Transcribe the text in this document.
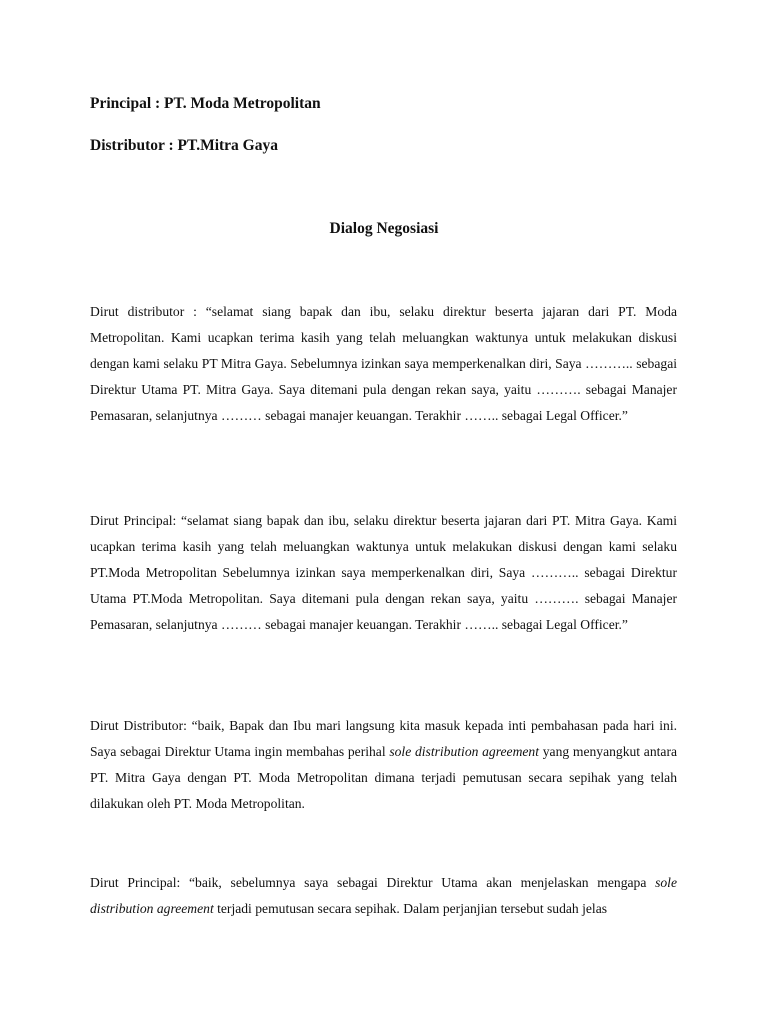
Principal : PT. Moda Metropolitan
Distributor : PT.Mitra Gaya
Dialog Negosiasi

Dirut distributor : “selamat siang bapak dan ibu, selaku direktur beserta jajaran dari PT. Moda Metropolitan. Kami ucapkan terima kasih yang telah meluangkan waktunya untuk melakukan diskusi dengan kami selaku PT Mitra Gaya. Sebelumnya izinkan saya memperkenalkan diri, Saya ……….. sebagai Direktur Utama PT. Mitra Gaya. Saya ditemani pula dengan rekan saya, yaitu ………. sebagai Manajer Pemasaran, selanjutnya ……… sebagai manajer keuangan. Terakhir …….. sebagai Legal Officer.”

Dirut Principal: “selamat siang bapak dan ibu, selaku direktur beserta jajaran dari PT. Mitra Gaya. Kami ucapkan terima kasih yang telah meluangkan waktunya untuk melakukan diskusi dengan kami selaku PT.Moda Metropolitan Sebelumnya izinkan saya memperkenalkan diri, Saya ……….. sebagai Direktur Utama PT.Moda Metropolitan. Saya ditemani pula dengan rekan saya, yaitu ………. sebagai Manajer Pemasaran, selanjutnya ……… sebagai manajer keuangan. Terakhir …….. sebagai Legal Officer.”

Dirut Distributor: “baik, Bapak dan Ibu mari langsung kita masuk kepada inti pembahasan pada hari ini. Saya sebagai Direktur Utama ingin membahas perihal sole distribution agreement yang menyangkut antara PT. Mitra Gaya dengan PT. Moda Metropolitan dimana terjadi pemutusan secara sepihak yang telah dilakukan oleh PT. Moda Metropolitan.

Dirut Principal: “baik, sebelumnya saya sebagai Direktur Utama akan menjelaskan mengapa sole distribution agreement terjadi pemutusan secara sepihak. Dalam perjanjian tersebut sudah jelas
